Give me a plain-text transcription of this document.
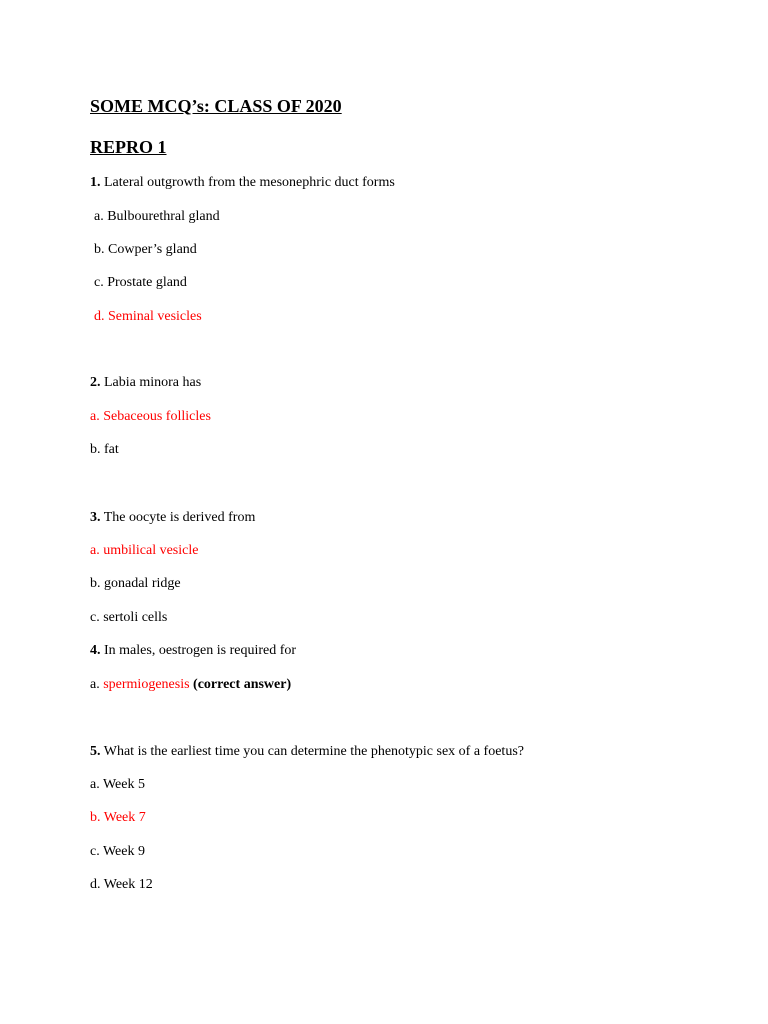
SOME MCQ’s: CLASS OF 2020
REPRO 1
1. Lateral outgrowth from the mesonephric duct forms
a. Bulbourethral gland
b. Cowper’s gland
c. Prostate gland
d. Seminal vesicles
2. Labia minora has
a. Sebaceous follicles
b. fat
3. The oocyte is derived from
a. umbilical vesicle
b. gonadal ridge
c. sertoli cells
4. In males, oestrogen is required for
a. spermiogenesis (correct answer)
5. What is the earliest time you can determine the phenotypic sex of a foetus?
a. Week 5
b. Week 7
c. Week 9
d. Week 12
